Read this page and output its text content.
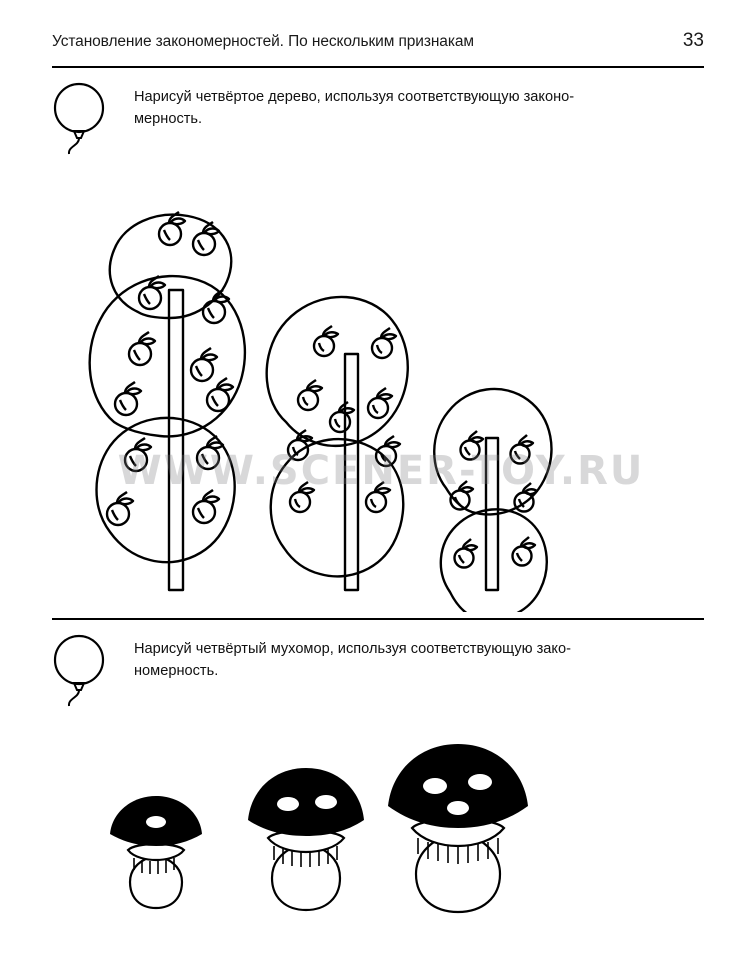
Установление закономерностей. По нескольким признакам	33
Нарисуй четвёртое дерево, используя соответствующую законо-
мерность.
WWW.SCENER-TOY.RU
Нарисуй четвёртый мухомор, используя соответствующую зако-
номерность.
